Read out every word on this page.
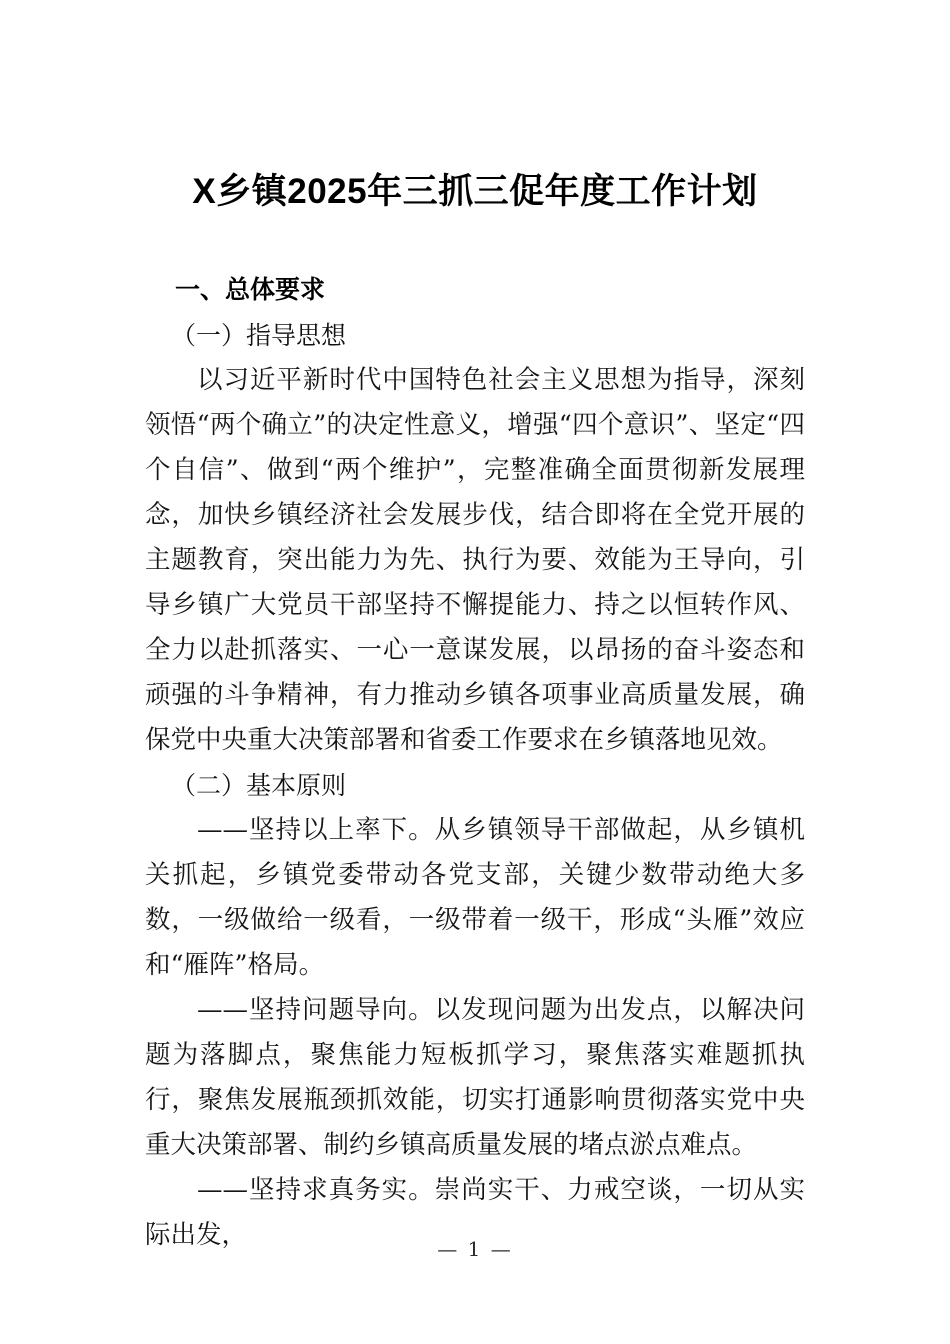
X乡镇2025年三抓三促年度工作计划

一、总体要求

（一）指导思想

以习近平新时代中国特色社会主义思想为指导，深刻领悟“两个确立”的决定性意义，增强“四个意识”、坚定“四个自信”、做到“两个维护”，完整准确全面贯彻新发展理念，加快乡镇经济社会发展步伐，结合即将在全党开展的主题教育，突出能力为先、执行为要、效能为王导向，引导乡镇广大党员干部坚持不懈提能力、持之以恒转作风、全力以赴抓落实、一心一意谋发展，以昂扬的奋斗姿态和顽强的斗争精神，有力推动乡镇各项事业高质量发展，确保党中央重大决策部署和省委工作要求在乡镇落地见效。

（二）基本原则

——坚持以上率下。从乡镇领导干部做起，从乡镇机关抓起，乡镇党委带动各党支部，关键少数带动绝大多数，一级做给一级看，一级带着一级干，形成“头雁”效应和“雁阵”格局。

——坚持问题导向。以发现问题为出发点，以解决问题为落脚点，聚焦能力短板抓学习，聚焦落实难题抓执行，聚焦发展瓶颈抓效能，切实打通影响贯彻落实党中央重大决策部署、制约乡镇高质量发展的堵点淤点难点。

——坚持求真务实。崇尚实干、力戒空谈，一切从实际出发，	— 1 —
